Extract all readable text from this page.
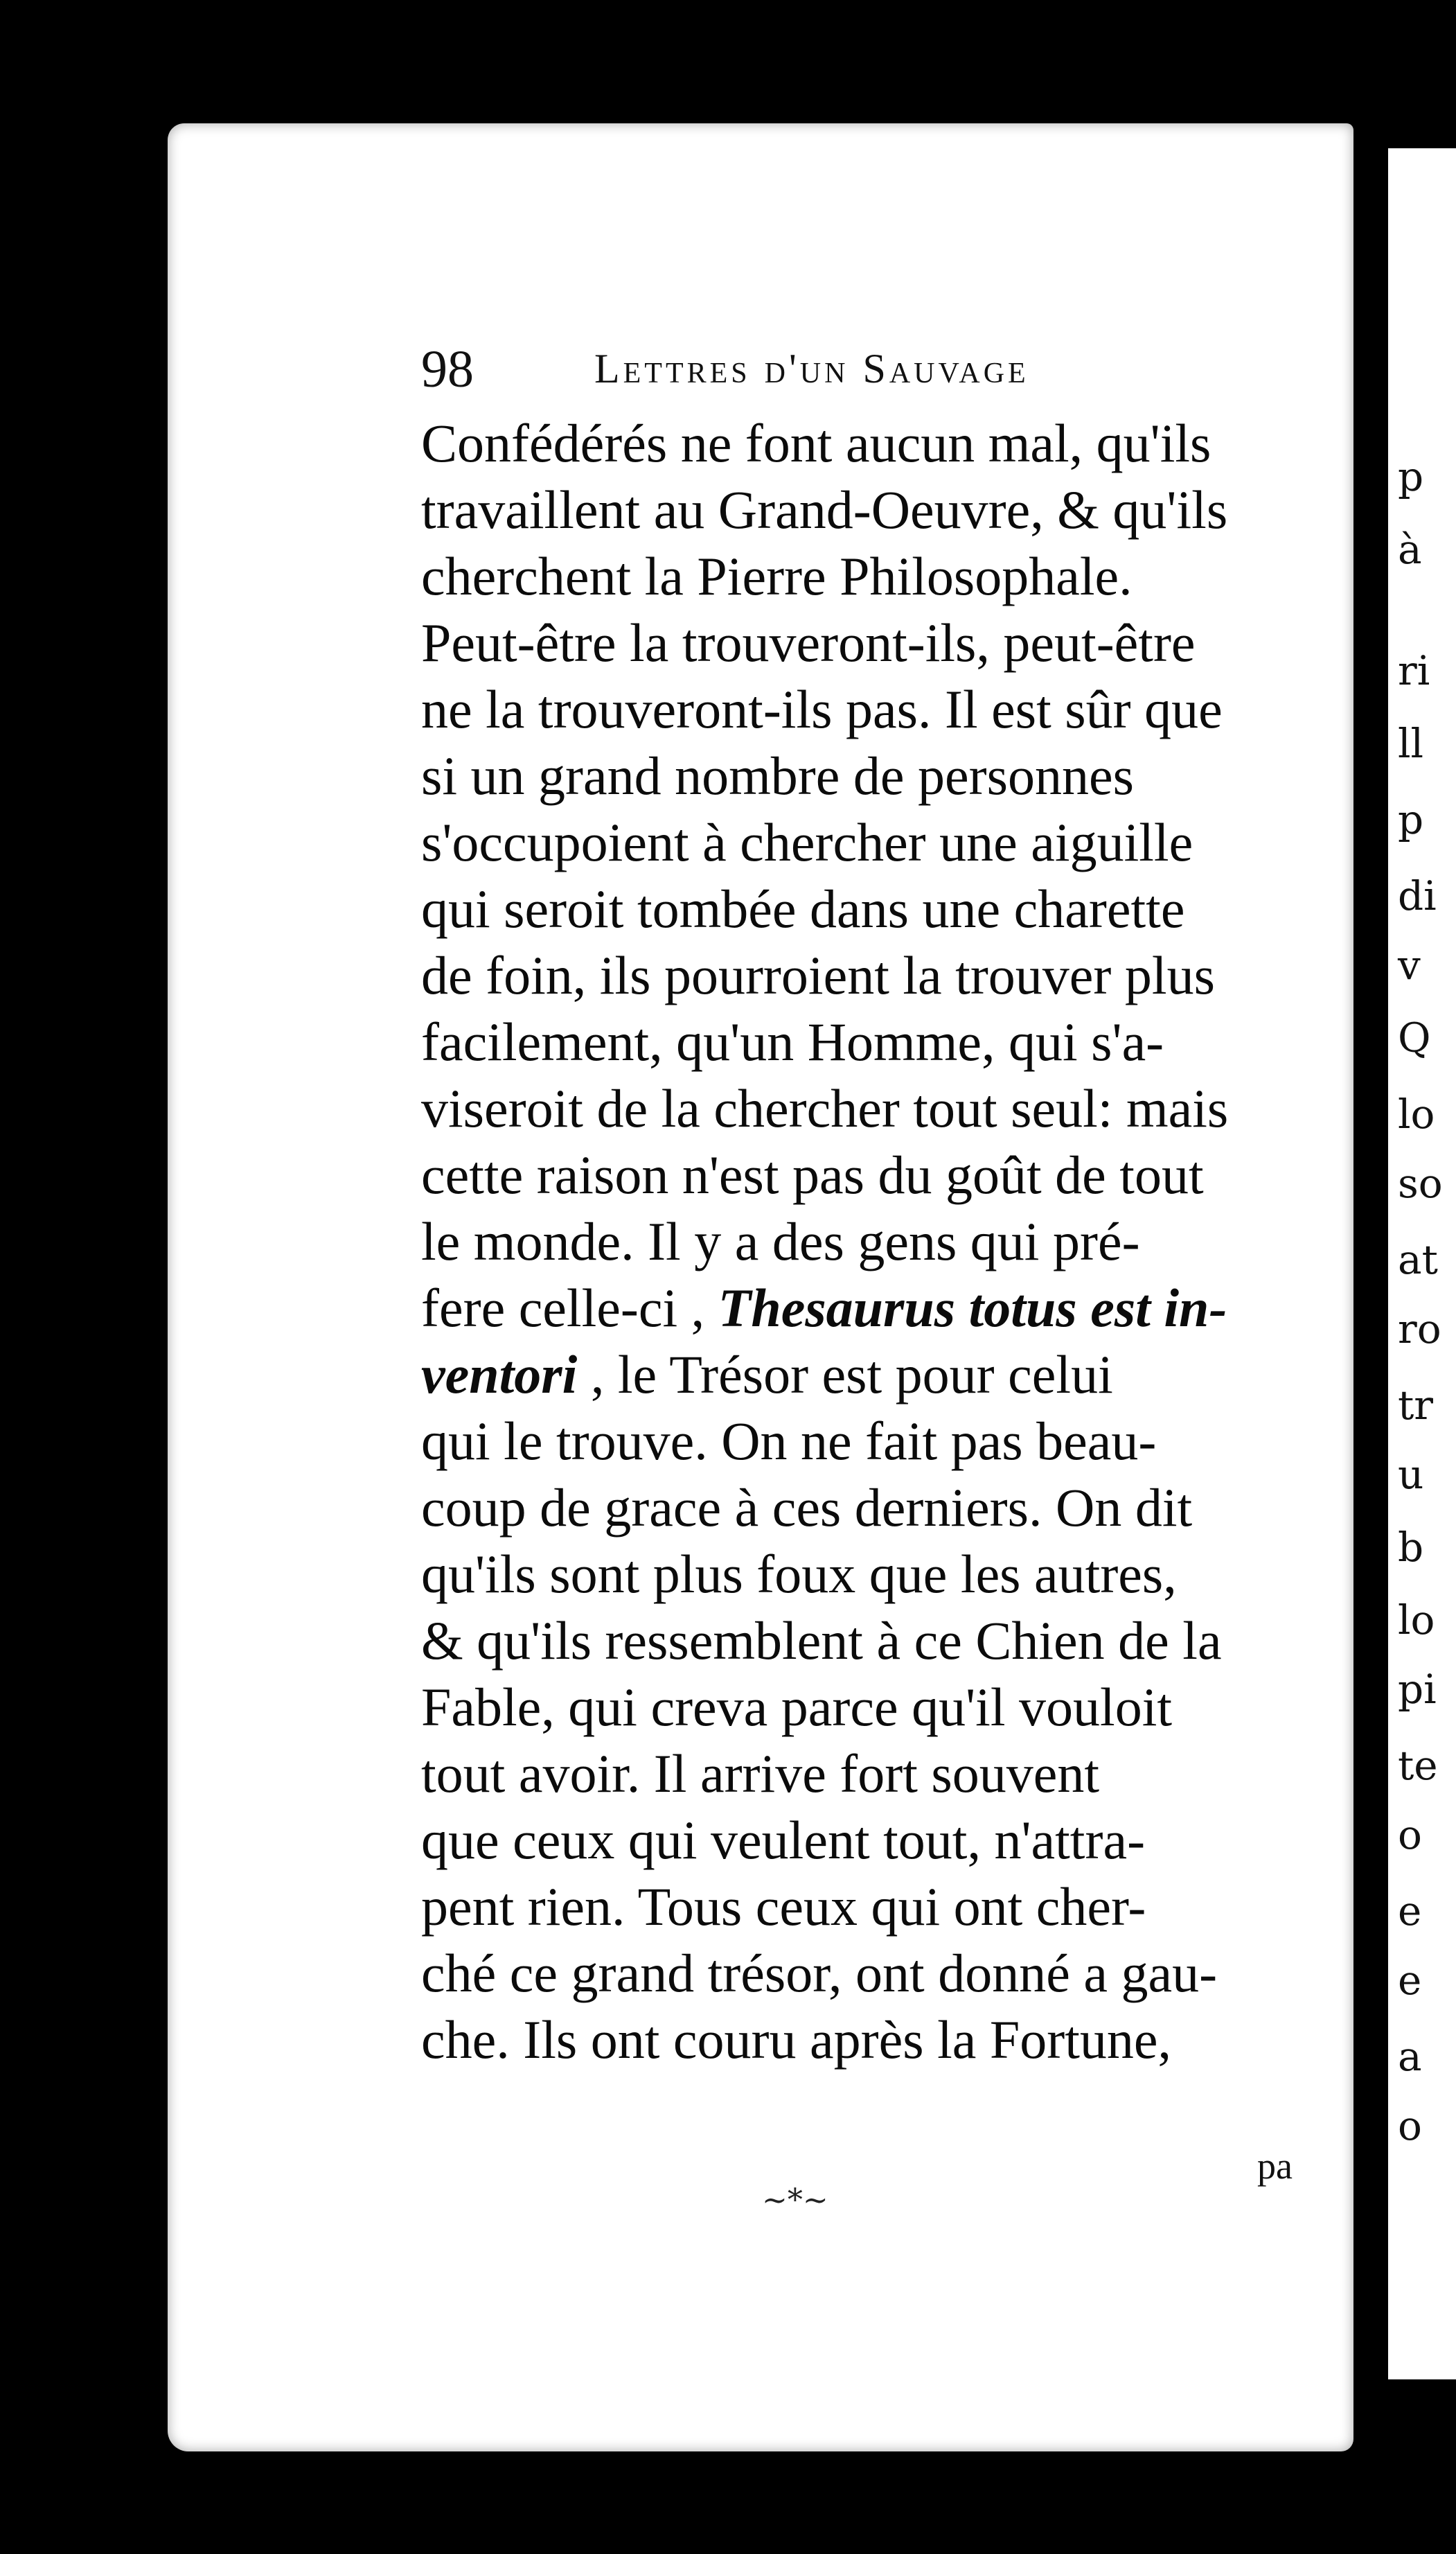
p
à
ri
ll
p
di
v
Q
lo
so
at
ro
tr
u
b
lo
pi
te
o
e
e
a
o
98	Lettres d'un Sauvage
Confédérés ne font aucun mal, qu'ils
travaillent au Grand-Oeuvre, & qu'ils
cherchent la Pierre Philosophale.
Peut-être la trouveront-ils, peut-être
ne la trouveront-ils pas. Il est sûr que
si un grand nombre de personnes
s'occupoient à chercher une aiguille
qui seroit tombée dans une charette
de foin, ils pourroient la trouver plus
facilement, qu'un Homme, qui s'a-
viseroit de la chercher tout seul: mais
cette raison n'est pas du goût de tout
le monde. Il y a des gens qui pré-
fere celle-ci , Thesaurus totus est in-
ventori , le Trésor est pour celui
qui le trouve. On ne fait pas beau-
coup de grace à ces derniers. On dit
qu'ils sont plus foux que les autres,
& qu'ils ressemblent à ce Chien de la
Fable, qui creva parce qu'il vouloit
tout avoir. Il arrive fort souvent
que ceux qui veulent tout, n'attra-
pent rien. Tous ceux qui ont cher-
ché ce grand trésor, ont donné a gau-
che. Ils ont couru après la Fortune,
pa
~*~
